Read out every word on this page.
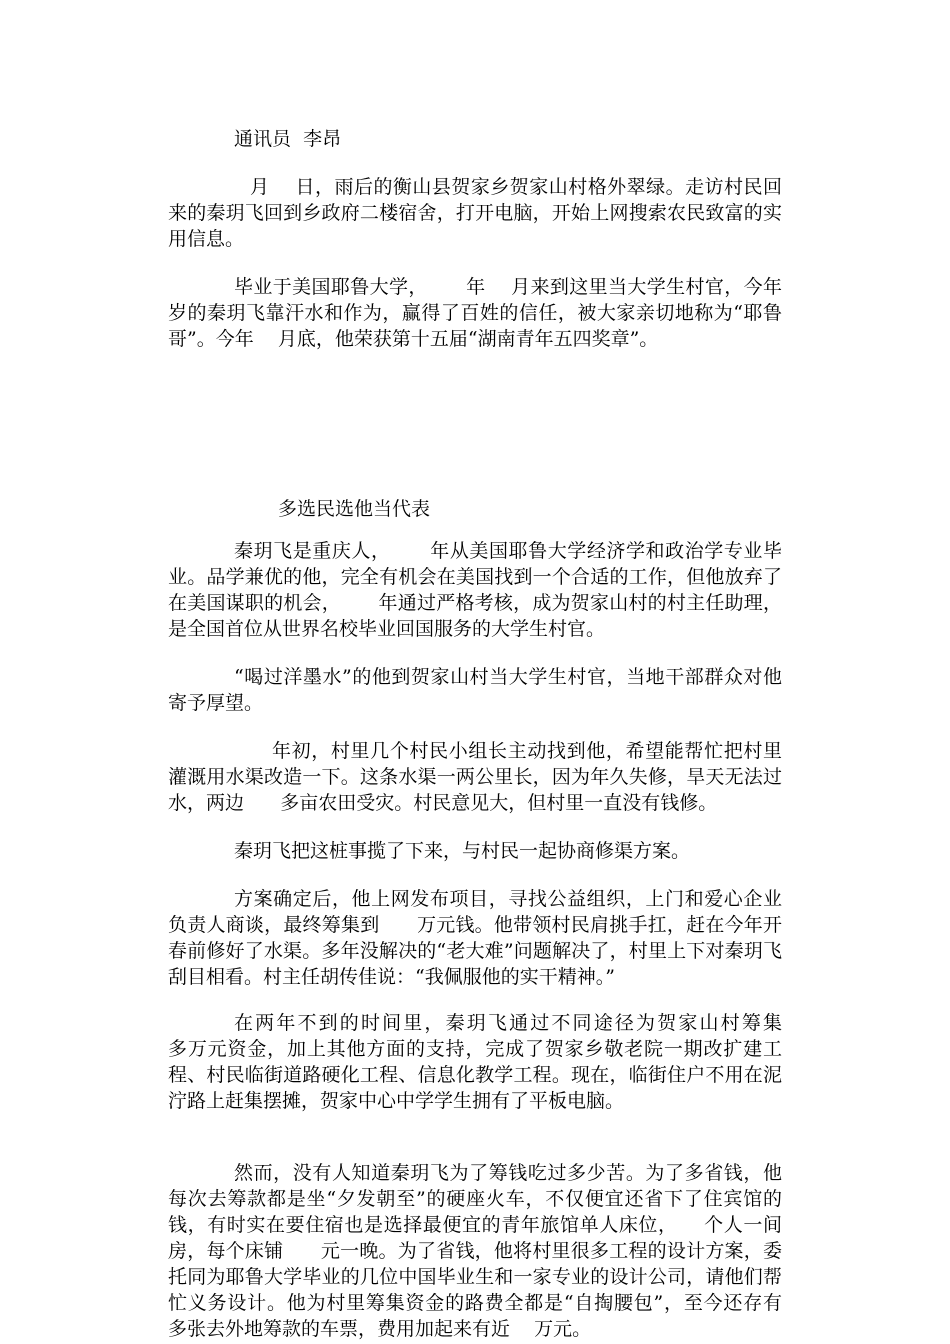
通讯员  李昂

月    日，雨后的衡山县贺家乡贺家山村格外翠绿。走访村民回来的秦玥飞回到乡政府二楼宿舍，打开电脑，开始上网搜索农民致富的实用信息。

毕业于美国耶鲁大学，      年    月来到这里当大学生村官，今年    岁的秦玥飞靠汗水和作为，赢得了百姓的信任，被大家亲切地称为“耶鲁哥”。今年    月底，他荣获第十五届“湖南青年五四奖章”。

多选民选他当代表

秦玥飞是重庆人，      年从美国耶鲁大学经济学和政治学专业毕业。品学兼优的他，完全有机会在美国找到一个合适的工作，但他放弃了在美国谋职的机会，      年通过严格考核，成为贺家山村的村主任助理，是全国首位从世界名校毕业回国服务的大学生村官。

“喝过洋墨水”的他到贺家山村当大学生村官，当地干部群众对他寄予厚望。

年初，村里几个村民小组长主动找到他，希望能帮忙把村里灌溉用水渠改造一下。这条水渠一两公里长，因为年久失修，旱天无法过水，两边      多亩农田受灾。村民意见大，但村里一直没有钱修。

秦玥飞把这桩事揽了下来，与村民一起协商修渠方案。

方案确定后，他上网发布项目，寻找公益组织，上门和爱心企业负责人商谈，最终筹集到      万元钱。他带领村民肩挑手扛，赶在今年开春前修好了水渠。多年没解决的“老大难”问题解决了，村里上下对秦玥飞刮目相看。村主任胡传佳说：“我佩服他的实干精神。”

在两年不到的时间里，秦玥飞通过不同途径为贺家山村筹集      多万元资金，加上其他方面的支持，完成了贺家乡敬老院一期改扩建工程、村民临街道路硬化工程、信息化教学工程。现在，临街住户不用在泥泞路上赶集摆摊，贺家中心中学学生拥有了平板电脑。

然而，没有人知道秦玥飞为了筹钱吃过多少苦。为了多省钱，他每次去筹款都是坐“夕发朝至”的硬座火车，不仅便宜还省下了住宾馆的钱，有时实在要住宿也是选择最便宜的青年旅馆单人床位，    个人一间房，每个床铺      元一晚。为了省钱，他将村里很多工程的设计方案，委托同为耶鲁大学毕业的几位中国毕业生和一家专业的设计公司，请他们帮忙义务设计。他为村里筹集资金的路费全都是“自掏腰包”，至今还存有      多张去外地筹款的车票，费用加起来有近    万元。
